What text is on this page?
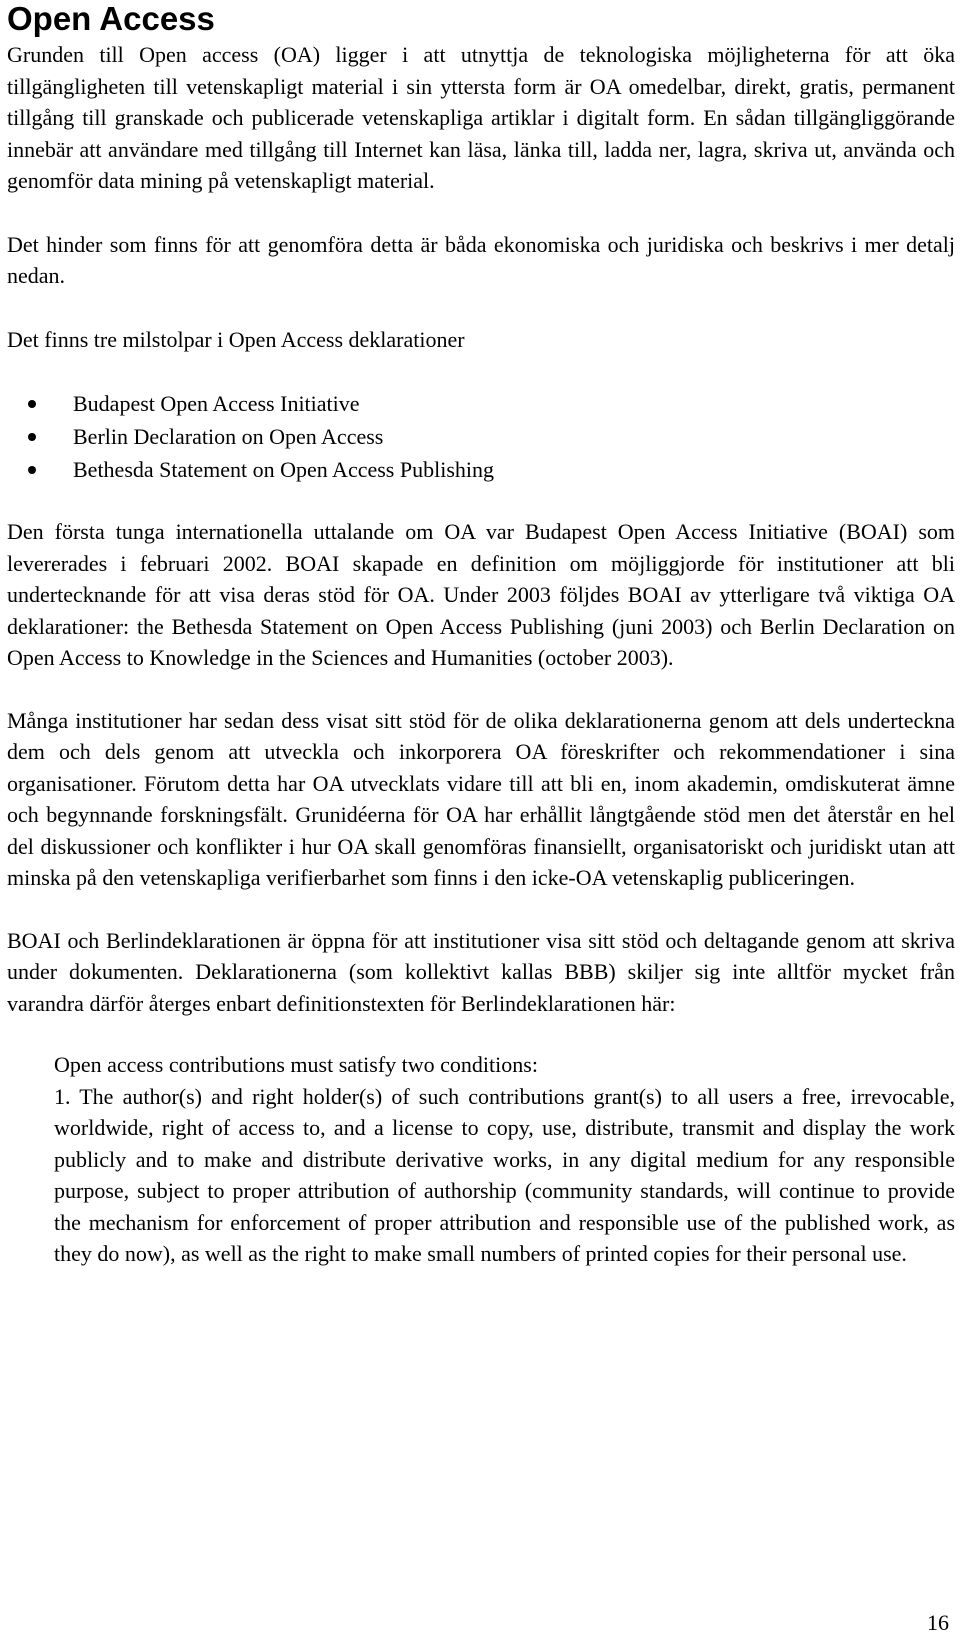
Open Access

Grunden till Open access (OA) ligger i att utnyttja de teknologiska möjligheterna för att öka tillgängligheten till vetenskapligt material i sin yttersta form är OA omedelbar, direkt, gratis, permanent tillgång till granskade och publicerade vetenskapliga artiklar i digitalt form. En sådan tillgängliggörande innebär att användare med tillgång till Internet kan läsa, länka till, ladda ner, lagra, skriva ut, använda och genomför data mining på vetenskapligt material.

Det hinder som finns för att genomföra detta är båda ekonomiska och juridiska och beskrivs i mer detalj nedan.

Det finns tre milstolpar i Open Access deklarationer

Budapest Open Access Initiative
Berlin Declaration on Open Access
Bethesda Statement on Open Access Publishing

Den första tunga internationella uttalande om OA var Budapest Open Access Initiative (BOAI) som levererades i februari 2002. BOAI skapade en definition om möjliggjorde för institutioner att bli undertecknande för att visa deras stöd för OA. Under 2003 följdes BOAI av ytterligare två viktiga OA deklarationer: the Bethesda Statement on Open Access Publishing (juni 2003) och Berlin Declaration on Open Access to Knowledge in the Sciences and Humanities (october 2003).

Många institutioner har sedan dess visat sitt stöd för de olika deklarationerna genom att dels underteckna dem och dels genom att utveckla och inkorporera OA föreskrifter och rekommendationer i sina organisationer. Förutom detta har OA utvecklats vidare till att bli en, inom akademin, omdiskuterat ämne och begynnande forskningsfält. Grunidéerna för OA har erhållit långtgående stöd men det återstår en hel del diskussioner och konflikter i hur OA skall genomföras finansiellt, organisatoriskt och juridiskt utan att minska på den vetenskapliga verifierbarhet som finns i den icke-OA vetenskaplig publiceringen.

BOAI och Berlindeklarationen är öppna för att institutioner visa sitt stöd och deltagande genom att skriva under dokumenten. Deklarationerna (som kollektivt kallas BBB) skiljer sig inte alltför mycket från varandra därför återges enbart definitionstexten för Berlindeklarationen här:

Open access contributions must satisfy two conditions:

1. The author(s) and right holder(s) of such contributions grant(s) to all users a free, irrevocable, worldwide, right of access to, and a license to copy, use, distribute, transmit and display the work publicly and to make and distribute derivative works, in any digital medium for any responsible purpose, subject to proper attribution of authorship (community standards, will continue to provide the mechanism for enforcement of proper attribution and responsible use of the published work, as they do now), as well as the right to make small numbers of printed copies for their personal use.

16
